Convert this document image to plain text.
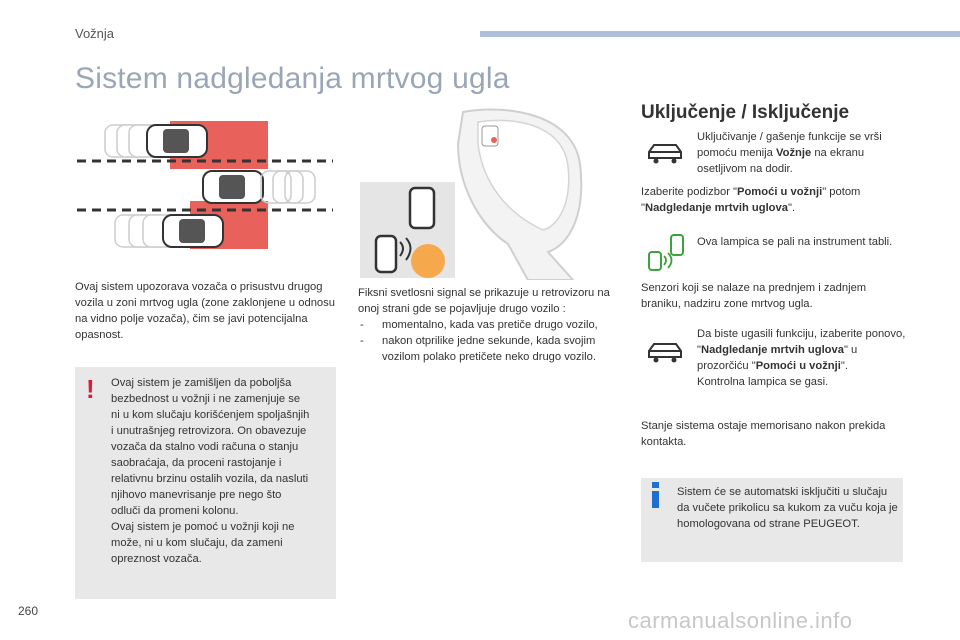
Vožnja
Sistem nadgledanja mrtvog ugla
Ovaj sistem upozorava vozača o prisustvu drugog vozila u zoni mrtvog ugla (zone zaklonjene u odnosu na vidno polje vozača), čim se javi potencijalna opasnost.
! Ovaj sistem je zamišljen da poboljša
bezbednost u vožnji i ne zamenjuje se
ni u kom slučaju korišćenjem spoljašnjih
i unutrašnjeg retrovizora. On obavezuje
vozača da stalno vodi računa o stanju
saobraćaja, da proceni rastojanje i
relativnu brzinu ostalih vozila, da nasluti
njihovo manevrisanje pre nego što
odluči da promeni kolonu.
Ovaj sistem je pomoć u vožnji koji ne
može, ni u kom slučaju, da zameni
opreznost vozača.
Fiksni svetlosni signal se prikazuje u retrovizoru na onoj strani gde se pojavljuje drugo vozilo :
- momentalno, kada vas pretiče drugo vozilo,
- nakon otprilike jedne sekunde, kada svojim vozilom polako pretičete neko drugo vozilo.
Uključenje / Isključenje
Uključivanje / gašenje funkcije se vrši pomoću menija Vožnje na ekranu osetljivom na dodir.
Izaberite podizbor "Pomoći u vožnji" potom "Nadgledanje mrtvih uglova".
Ova lampica se pali na instrument tabli.
Senzori koji se nalaze na prednjem i zadnjem braniku, nadziru zone mrtvog ugla.
Da biste ugasili funkciju, izaberite ponovo, "Nadgledanje mrtvih uglova" u prozorčiću "Pomoći u vožnji".
Kontrolna lampica se gasi.
Stanje sistema ostaje memorisano nakon prekida kontakta.
Sistem će se automatski isključiti u slučaju da vučete prikolicu sa kukom za vuču koja je homologovana od strane PEUGEOT.
260	carmanualsonline.info
